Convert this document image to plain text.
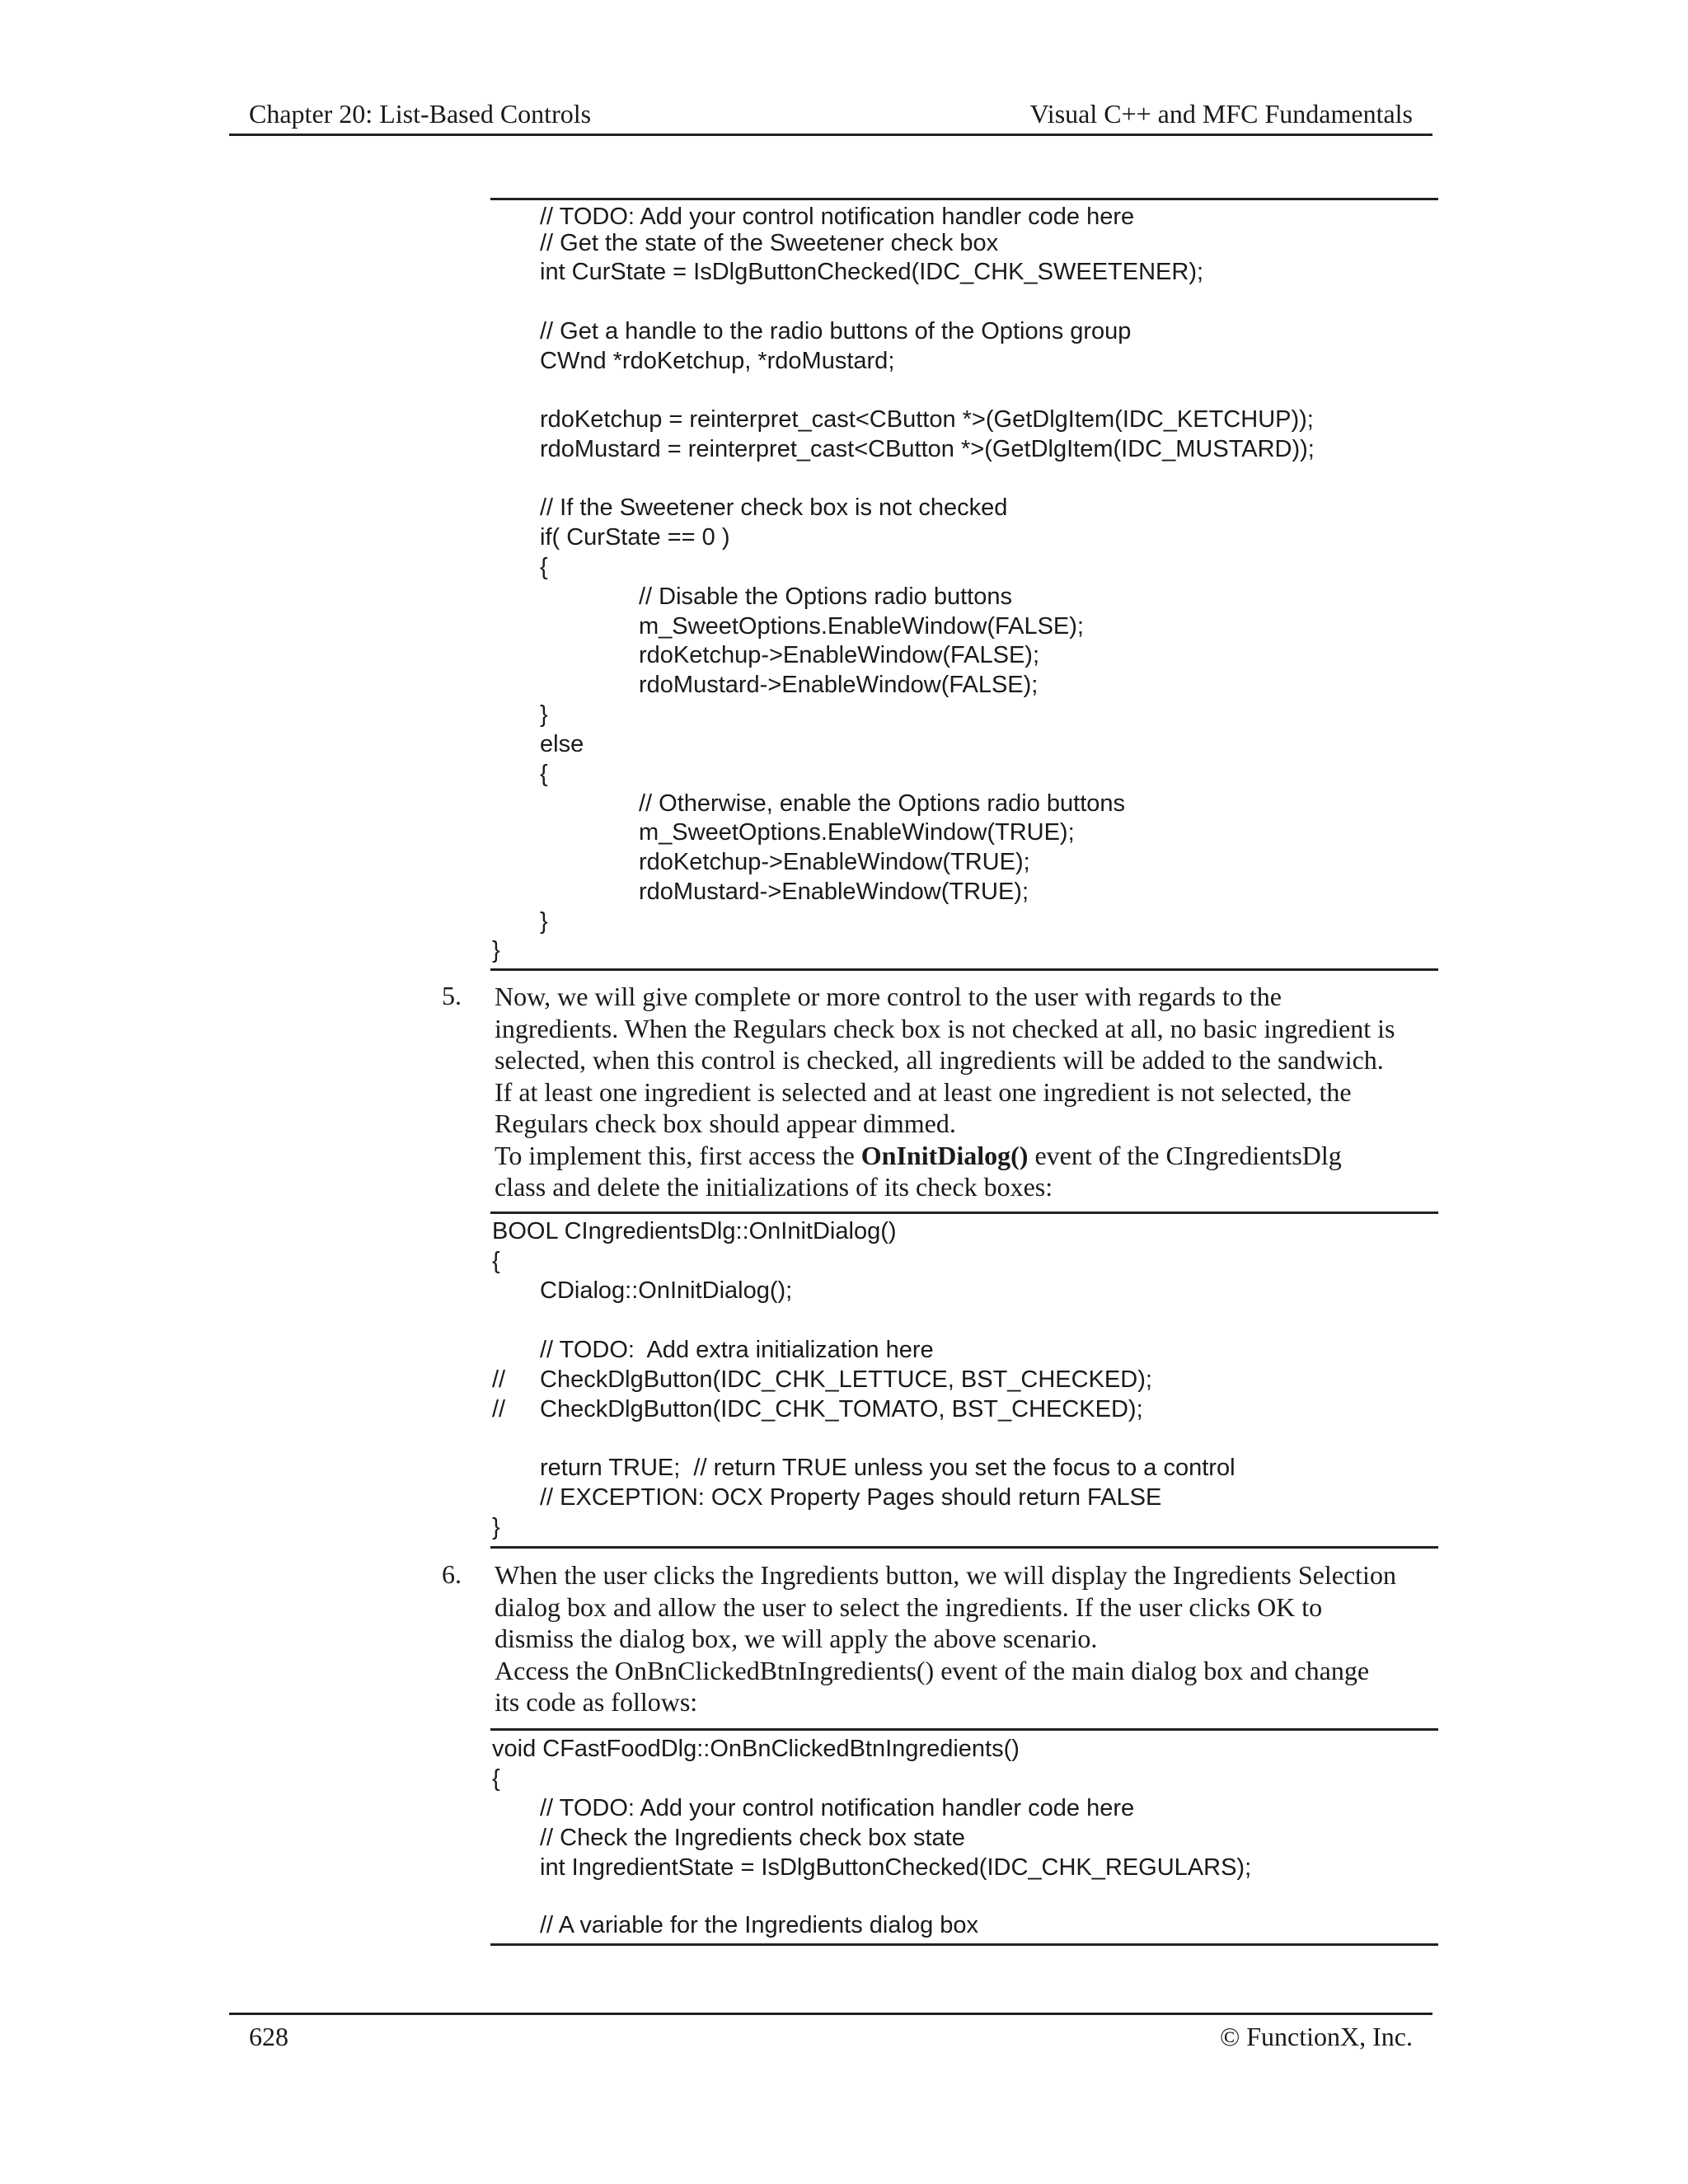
Chapter 20: List-Based Controls	Visual C++ and MFC Fundamentals
// TODO: Add your control notification handler code here
// Get the state of the Sweetener check box
int CurState = IsDlgButtonChecked(IDC_CHK_SWEETENER);
// Get a handle to the radio buttons of the Options group
CWnd *rdoKetchup, *rdoMustard;
rdoKetchup = reinterpret_cast<CButton *>(GetDlgItem(IDC_KETCHUP));
rdoMustard = reinterpret_cast<CButton *>(GetDlgItem(IDC_MUSTARD));
// If the Sweetener check box is not checked
if( CurState == 0 )
{
// Disable the Options radio buttons
m_SweetOptions.EnableWindow(FALSE);
rdoKetchup->EnableWindow(FALSE);
rdoMustard->EnableWindow(FALSE);
}
else
{
// Otherwise, enable the Options radio buttons
m_SweetOptions.EnableWindow(TRUE);
rdoKetchup->EnableWindow(TRUE);
rdoMustard->EnableWindow(TRUE);
}
}
5. Now, we will give complete or more control to the user with regards to the

ingredients. When the Regulars check box is not checked at all, no basic ingredient is

selected, when this control is checked, all ingredients will be added to the sandwich.

If at least one ingredient is selected and at least one ingredient is not selected, the

Regulars check box should appear dimmed.

To implement this, first access the OnInitDialog() event of the CIngredientsDlg

class and delete the initializations of its check boxes:

BOOL CIngredientsDlg::OnInitDialog()
{
CDialog::OnInitDialog();
// TODO:  Add extra initialization here
// CheckDlgButton(IDC_CHK_LETTUCE, BST_CHECKED);
// CheckDlgButton(IDC_CHK_TOMATO, BST_CHECKED);
return TRUE;  // return TRUE unless you set the focus to a control
// EXCEPTION: OCX Property Pages should return FALSE
}
6. When the user clicks the Ingredients button, we will display the Ingredients Selection

dialog box and allow the user to select the ingredients. If the user clicks OK to

dismiss the dialog box, we will apply the above scenario.

Access the OnBnClickedBtnIngredients() event of the main dialog box and change

its code as follows:

void CFastFoodDlg::OnBnClickedBtnIngredients()
{
// TODO: Add your control notification handler code here
// Check the Ingredients check box state
int IngredientState = IsDlgButtonChecked(IDC_CHK_REGULARS);
// A variable for the Ingredients dialog box
628	© FunctionX, Inc.
